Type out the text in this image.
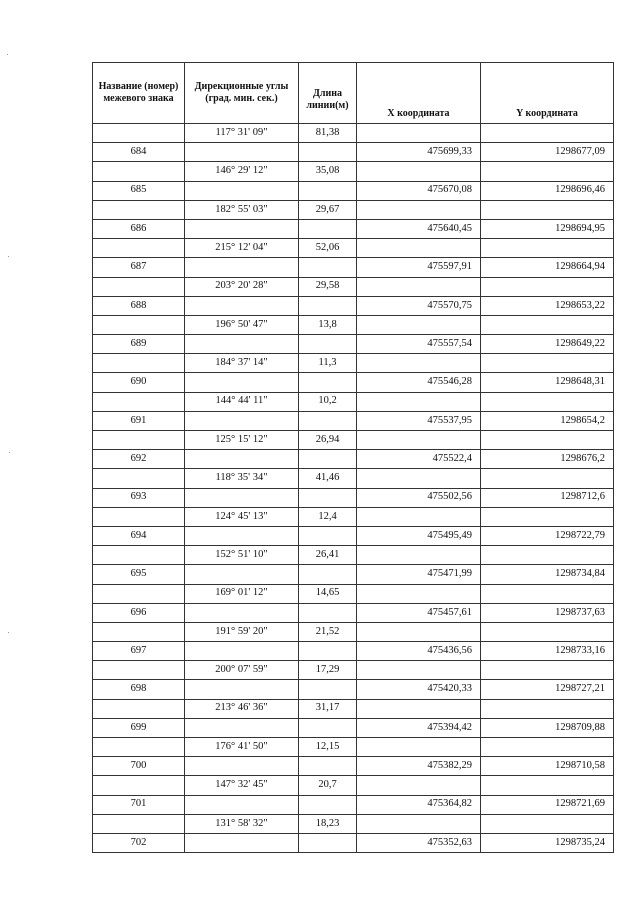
Название (номер) межевого знака	Дирекционные углы (град. мин. сек.)	Длина линии(м)	X координата	Y координата
	117° 31' 09"	81,38		
684			475699,33	1298677,09
	146° 29' 12"	35,08		
685			475670,08	1298696,46
	182° 55' 03"	29,67		
686			475640,45	1298694,95
	215° 12' 04"	52,06		
687			475597,91	1298664,94
	203° 20' 28"	29,58		
688			475570,75	1298653,22
	196° 50' 47"	13,8		
689			475557,54	1298649,22
	184° 37' 14"	11,3		
690			475546,28	1298648,31
	144° 44' 11"	10,2		
691			475537,95	1298654,2
	125° 15' 12"	26,94		
692			475522,4	1298676,2
	118° 35' 34"	41,46		
693			475502,56	1298712,6
	124° 45' 13"	12,4		
694			475495,49	1298722,79
	152° 51' 10"	26,41		
695			475471,99	1298734,84
	169° 01' 12"	14,65		
696			475457,61	1298737,63
	191° 59' 20"	21,52		
697			475436,56	1298733,16
	200° 07' 59"	17,29		
698			475420,33	1298727,21
	213° 46' 36"	31,17		
699			475394,42	1298709,88
	176° 41' 50"	12,15		
700			475382,29	1298710,58
	147° 32' 45"	20,7		
701			475364,82	1298721,69
	131° 58' 32"	18,23		
702			475352,63	1298735,24
